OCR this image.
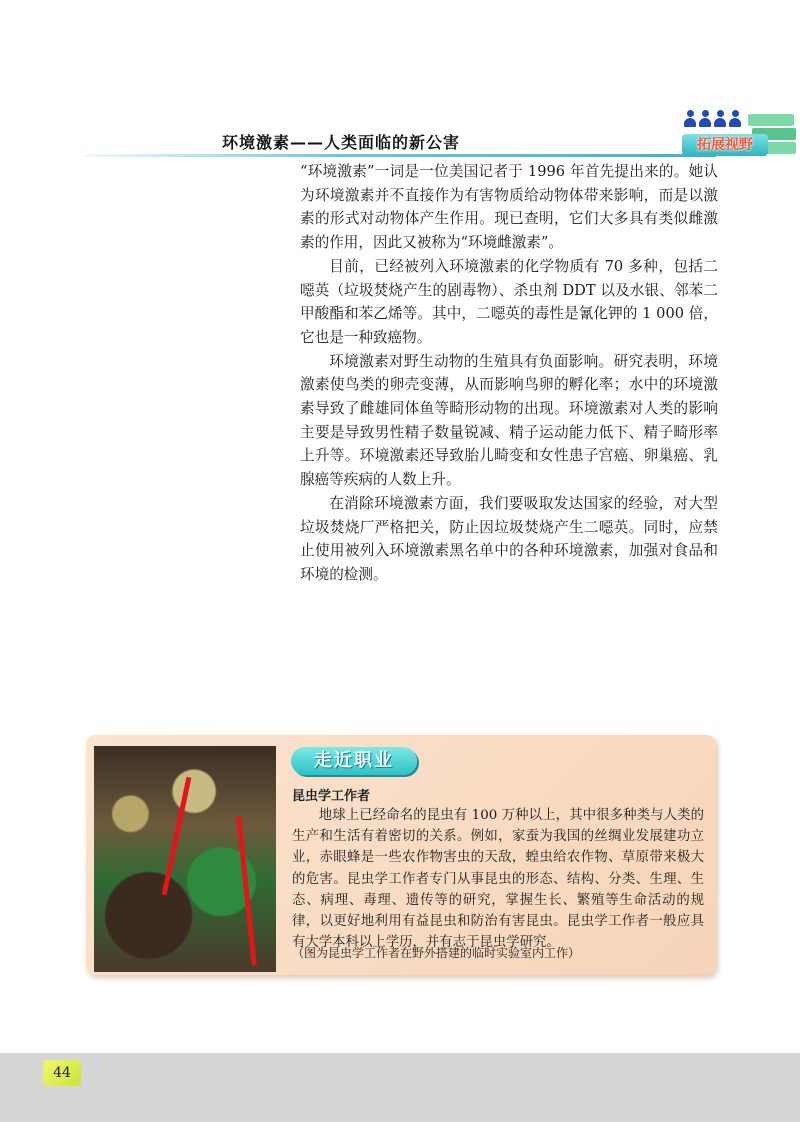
环境激素——人类面临的新公害	拓展视野

“环境激素”一词是一位美国记者于 1996 年首先提出来的。她认为环境激素并不直接作为有害物质给动物体带来影响，而是以激素的形式对动物体产生作用。现已查明，它们大多具有类似雌激素的作用，因此又被称为“环境雌激素”。

目前，已经被列入环境激素的化学物质有 70 多种，包括二噁英（垃圾焚烧产生的剧毒物）、杀虫剂 DDT 以及水银、邻苯二甲酸酯和苯乙烯等。其中，二噁英的毒性是氰化钾的 1 000 倍，它也是一种致癌物。

环境激素对野生动物的生殖具有负面影响。研究表明，环境激素使鸟类的卵壳变薄，从而影响鸟卵的孵化率；水中的环境激素导致了雌雄同体鱼等畸形动物的出现。环境激素对人类的影响主要是导致男性精子数量锐减、精子运动能力低下、精子畸形率上升等。环境激素还导致胎儿畸变和女性患子宫癌、卵巢癌、乳腺癌等疾病的人数上升。

在消除环境激素方面，我们要吸取发达国家的经验，对大型垃圾焚烧厂严格把关，防止因垃圾焚烧产生二噁英。同时，应禁止使用被列入环境激素黑名单中的各种环境激素，加强对食品和环境的检测。

走近职业
昆虫学工作者

地球上已经命名的昆虫有 100 万种以上，其中很多种类与人类的生产和生活有着密切的关系。例如，家蚕为我国的丝绸业发展建功立业，赤眼蜂是一些农作物害虫的天敌，蝗虫给农作物、草原带来极大的危害。昆虫学工作者专门从事昆虫的形态、结构、分类、生理、生态、病理、毒理、遗传等的研究，掌握生长、繁殖等生命活动的规律，以更好地利用有益昆虫和防治有害昆虫。昆虫学工作者一般应具有大学本科以上学历，并有志于昆虫学研究。

（图为昆虫学工作者在野外搭建的临时实验室内工作）
44
